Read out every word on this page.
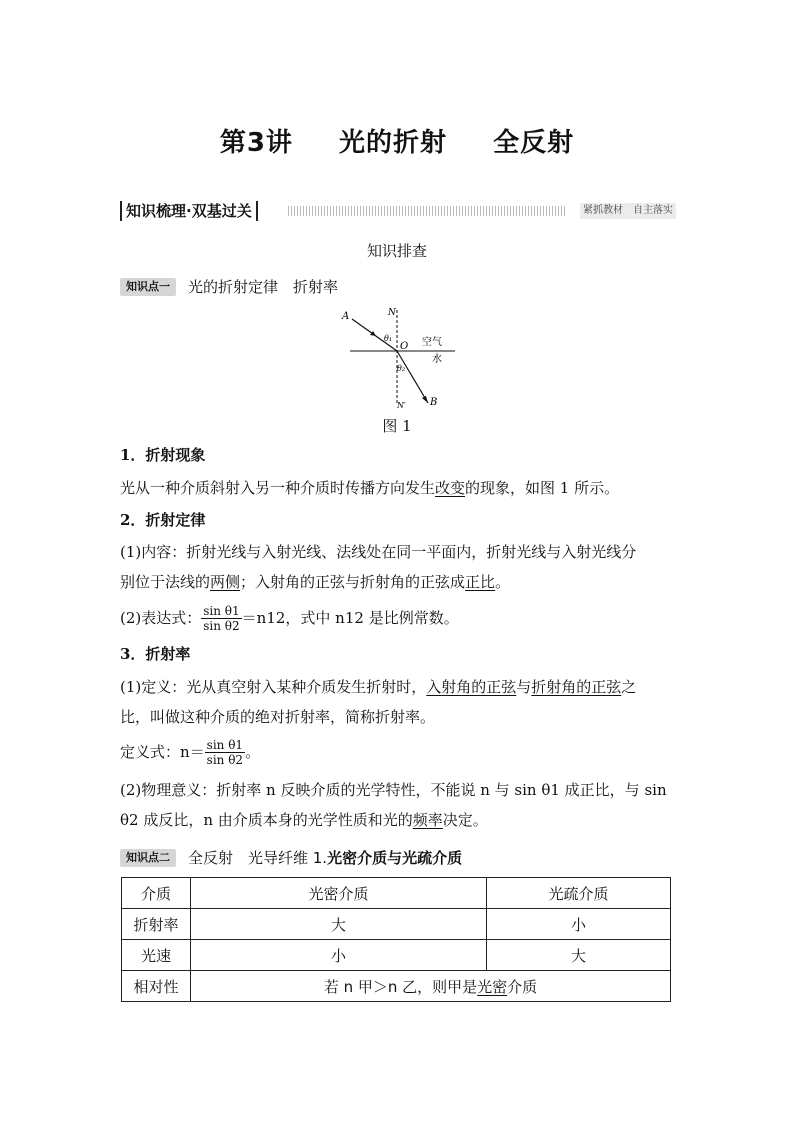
第3讲 光的折射 全反射
知识梳理·双基过关	紧抓教材　自主落实
知识排查
知识点一	光的折射定律　折射率
A
B
N
N′
O
θ₁
θ₂
空气
水
图 1
1．折射现象
光从一种介质斜射入另一种介质时传播方向发生改变的现象，如图 1 所示。
2．折射定律
(1)内容：折射光线与入射光线、法线处在同一平面内，折射光线与入射光线分
别位于法线的两侧；入射角的正弦与折射角的正弦成正比。
(2)表达式： $\frac{\text{sin θ1}}{\text{sin θ2}} =n12$，式中 n12 是比例常数。
3．折射率
(1)定义：光从真空射入某种介质发生折射时，入射角的正弦与折射角的正弦之
比，叫做这种介质的绝对折射率，简称折射率。
定义式：$n= \frac{\text{sin θ1}}{\text{sin θ2}}$ 。
(2)物理意义：折射率 n 反映介质的光学特性，不能说 n 与 sin θ1 成正比，与 sin
θ2 成反比，n 由介质本身的光学性质和光的频率决定。
知识点二	全反射　光导纤维 1.光密介质与光疏介质
介质	光密介质	光疏介质
折射率	大	小
光速	小	大
相对性	若 n 甲＞n 乙，则甲是光密介质	
